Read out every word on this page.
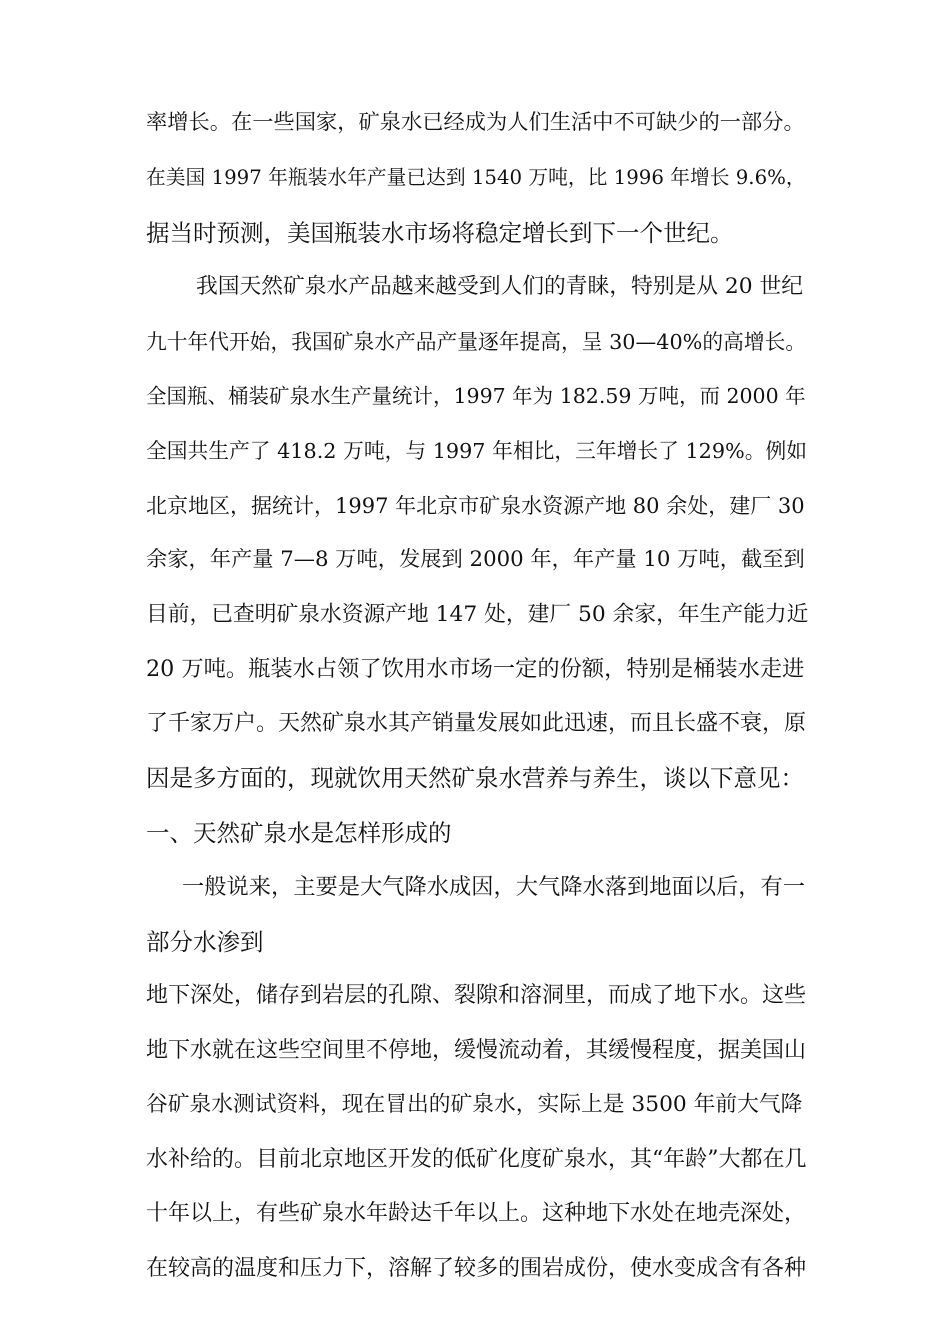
率增长。在一些国家，矿泉水已经成为人们生活中不可缺少的一部分。
在美国 1997 年瓶装水年产量已达到 1540 万吨，比 1996 年增长 9.6%，
据当时预测，美国瓶装水市场将稳定增长到下一个世纪。
我国天然矿泉水产品越来越受到人们的青睐，特别是从 20 世纪
九十年代开始，我国矿泉水产品产量逐年提高，呈 30—40%的高增长。
全国瓶、桶装矿泉水生产量统计，1997 年为 182.59 万吨，而 2000 年
全国共生产了 418.2 万吨，与 1997 年相比，三年增长了 129%。例如
北京地区，据统计，1997 年北京市矿泉水资源产地 80 余处，建厂 30
余家，年产量 7—8 万吨，发展到 2000 年，年产量 10 万吨，截至到
目前，已查明矿泉水资源产地 147 处，建厂 50 余家，年生产能力近
20 万吨。瓶装水占领了饮用水市场一定的份额，特别是桶装水走进
了千家万户。天然矿泉水其产销量发展如此迅速，而且长盛不衰，原
因是多方面的，现就饮用天然矿泉水营养与养生，谈以下意见：
一、天然矿泉水是怎样形成的
一般说来，主要是大气降水成因，大气降水落到地面以后，有一
部分水渗到
地下深处，储存到岩层的孔隙、裂隙和溶洞里，而成了地下水。这些
地下水就在这些空间里不停地，缓慢流动着，其缓慢程度，据美国山
谷矿泉水测试资料，现在冒出的矿泉水，实际上是 3500 年前大气降
水补给的。目前北京地区开发的低矿化度矿泉水，其“年龄”大都在几
十年以上，有些矿泉水年龄达千年以上。这种地下水处在地壳深处，
在较高的温度和压力下，溶解了较多的围岩成份，使水变成含有各种
